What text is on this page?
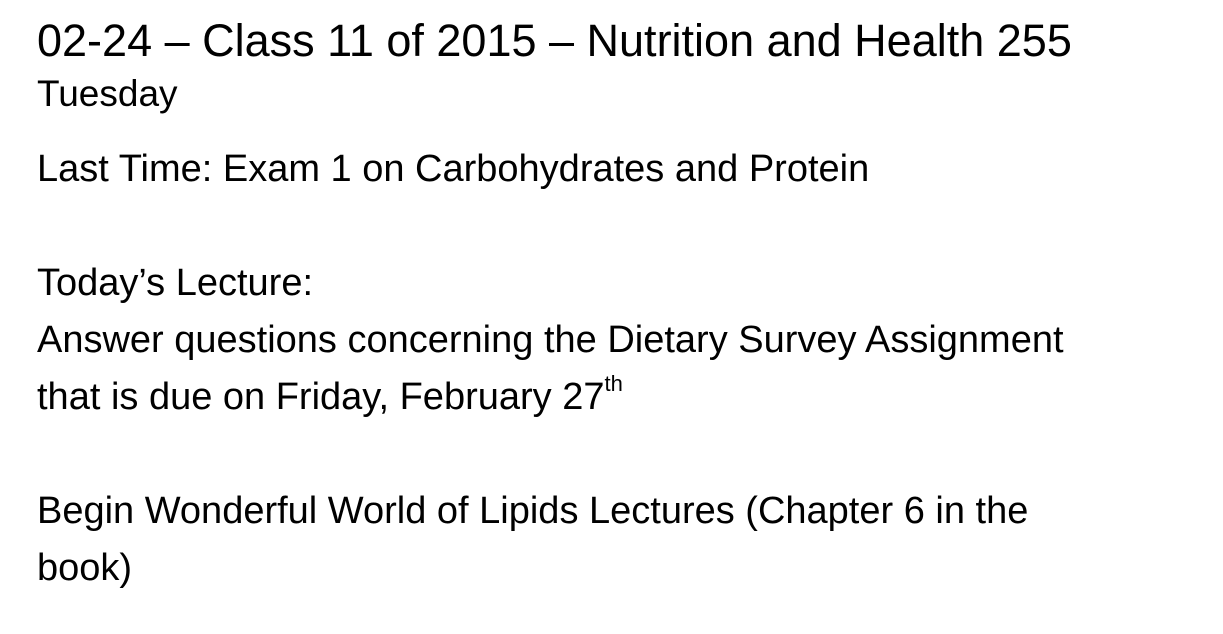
02-24 – Class 11 of 2015 – Nutrition and Health 255

Tuesday

Last Time: Exam 1 on Carbohydrates and Protein

Today’s Lecture:

Answer questions concerning the Dietary Survey Assignment

that is due on Friday, February 27th

Begin Wonderful World of Lipids Lectures (Chapter 6 in the

book)
